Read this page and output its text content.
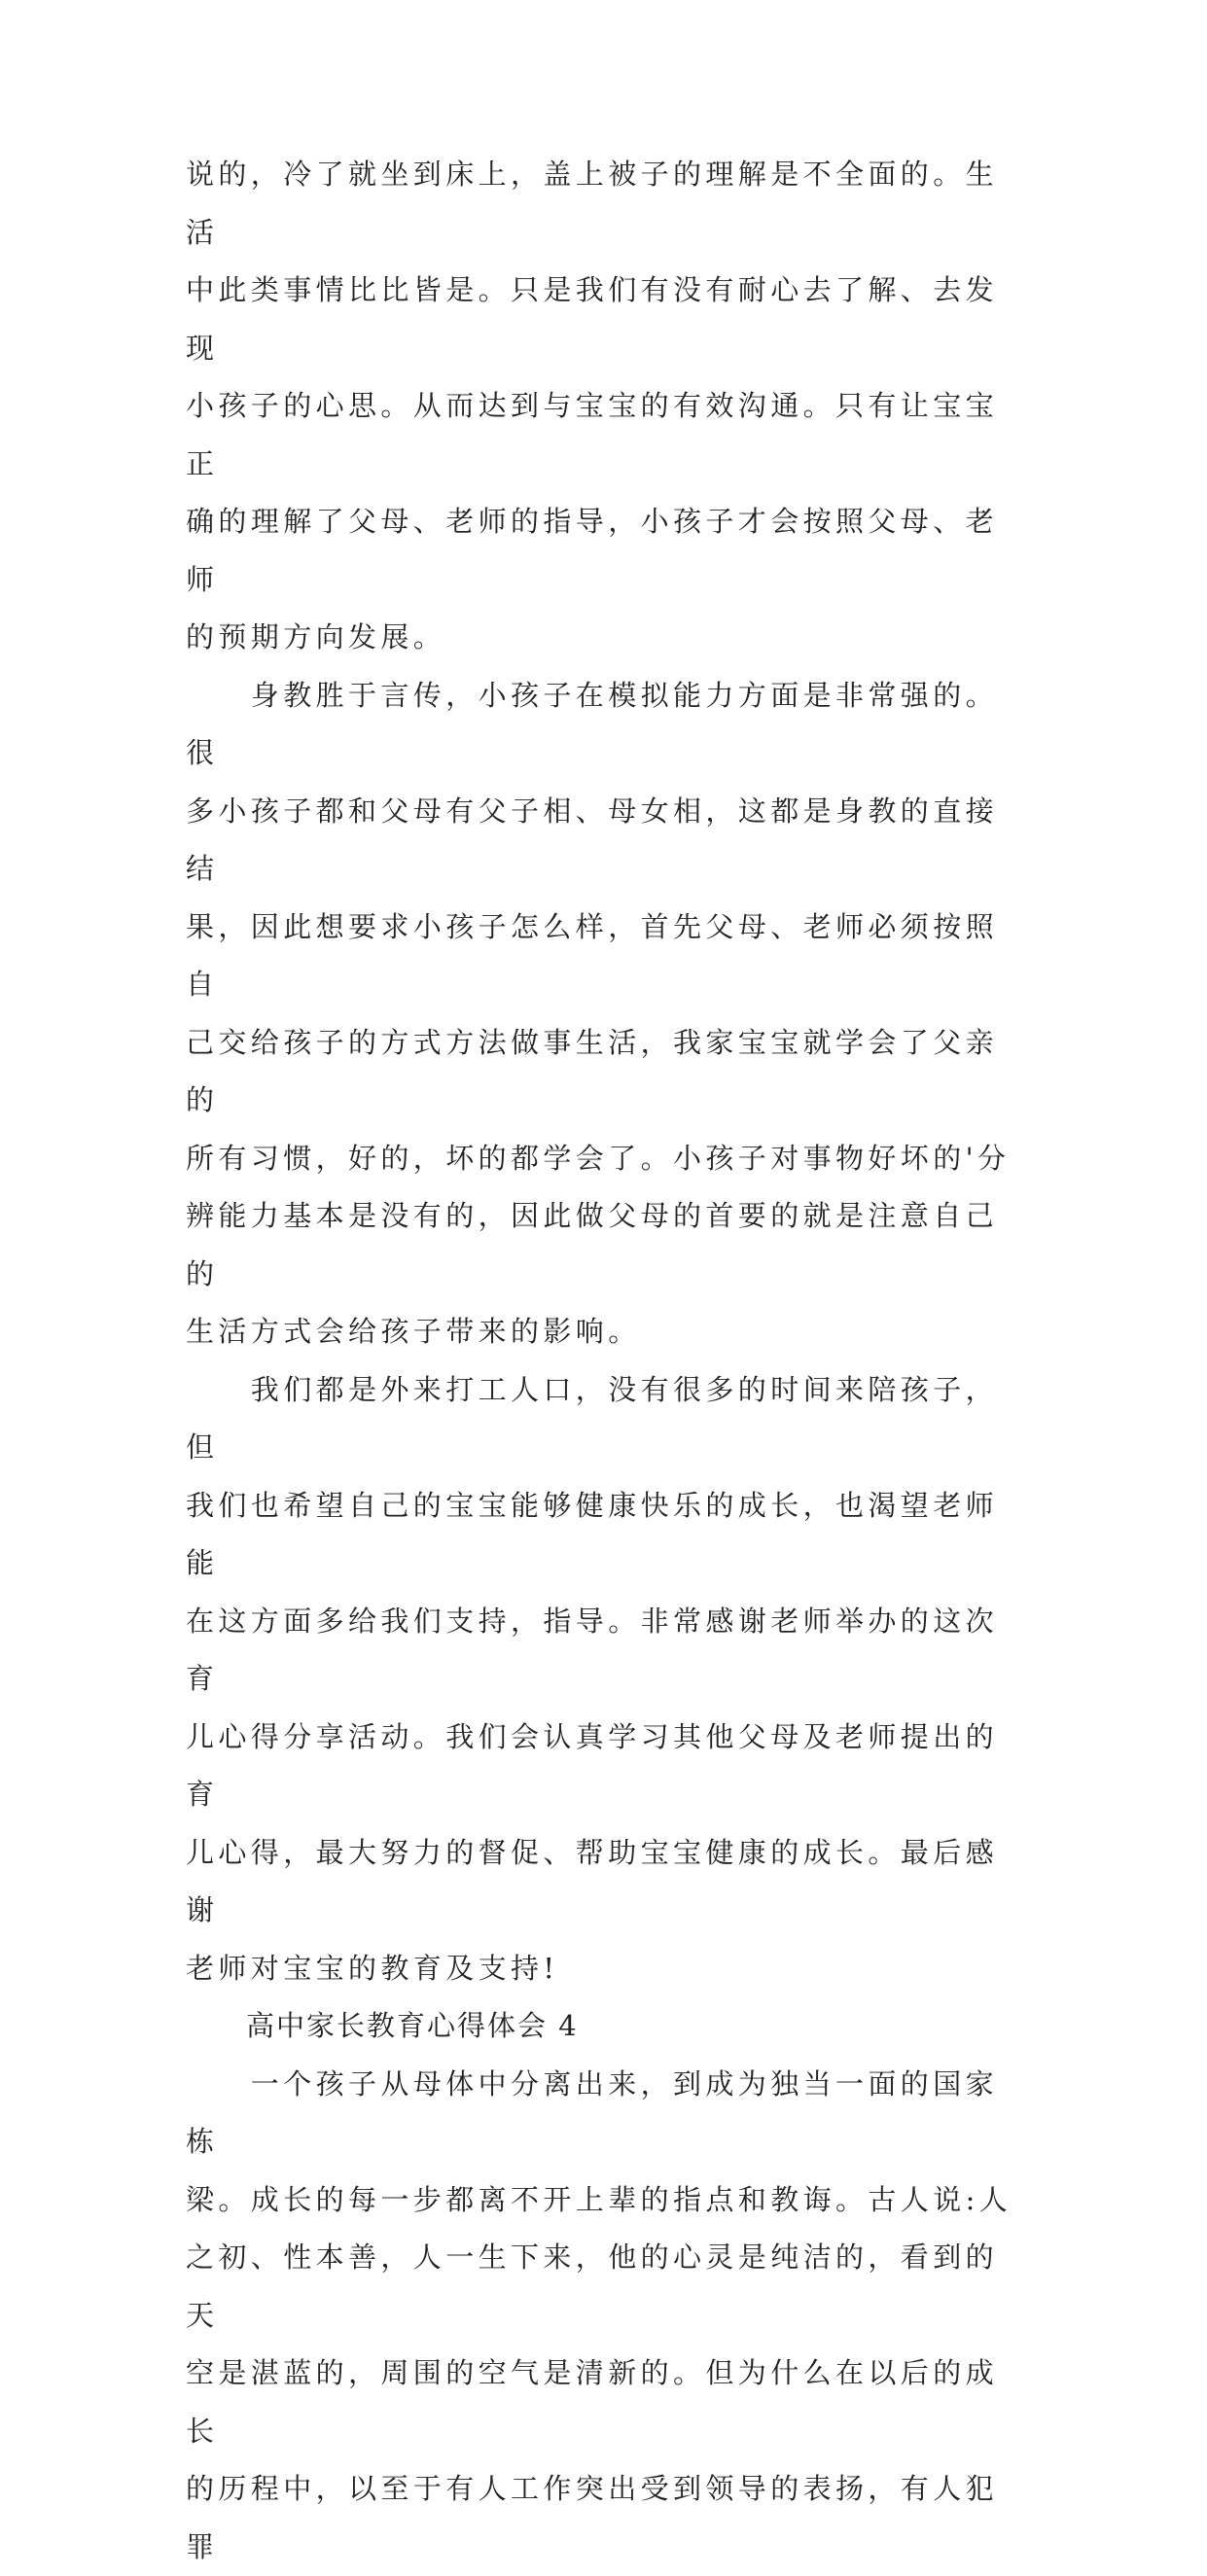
说的，冷了就坐到床上，盖上被子的理解是不全面的。生活
中此类事情比比皆是。只是我们有没有耐心去了解、去发现
小孩子的心思。从而达到与宝宝的有效沟通。只有让宝宝正
确的理解了父母、老师的指导，小孩子才会按照父母、老师
的预期方向发展。

　　身教胜于言传，小孩子在模拟能力方面是非常强的。很
多小孩子都和父母有父子相、母女相，这都是身教的直接结
果，因此想要求小孩子怎么样，首先父母、老师必须按照自
己交给孩子的方式方法做事生活，我家宝宝就学会了父亲的
所有习惯，好的，坏的都学会了。小孩子对事物好坏的'分
辨能力基本是没有的，因此做父母的首要的就是注意自己的
生活方式会给孩子带来的影响。

　　我们都是外来打工人口，没有很多的时间来陪孩子，但
我们也希望自己的宝宝能够健康快乐的成长，也渴望老师能
在这方面多给我们支持，指导。非常感谢老师举办的这次育
儿心得分享活动。我们会认真学习其他父母及老师提出的育
儿心得，最大努力的督促、帮助宝宝健康的成长。最后感谢
老师对宝宝的教育及支持!

　　高中家长教育心得体会 4

　　一个孩子从母体中分离出来，到成为独当一面的国家栋
梁。成长的每一步都离不开上辈的指点和教诲。古人说:人
之初、性本善，人一生下来，他的心灵是纯洁的，看到的天
空是湛蓝的，周围的空气是清新的。但为什么在以后的成长
的历程中，以至于有人工作突出受到领导的表扬，有人犯罪
